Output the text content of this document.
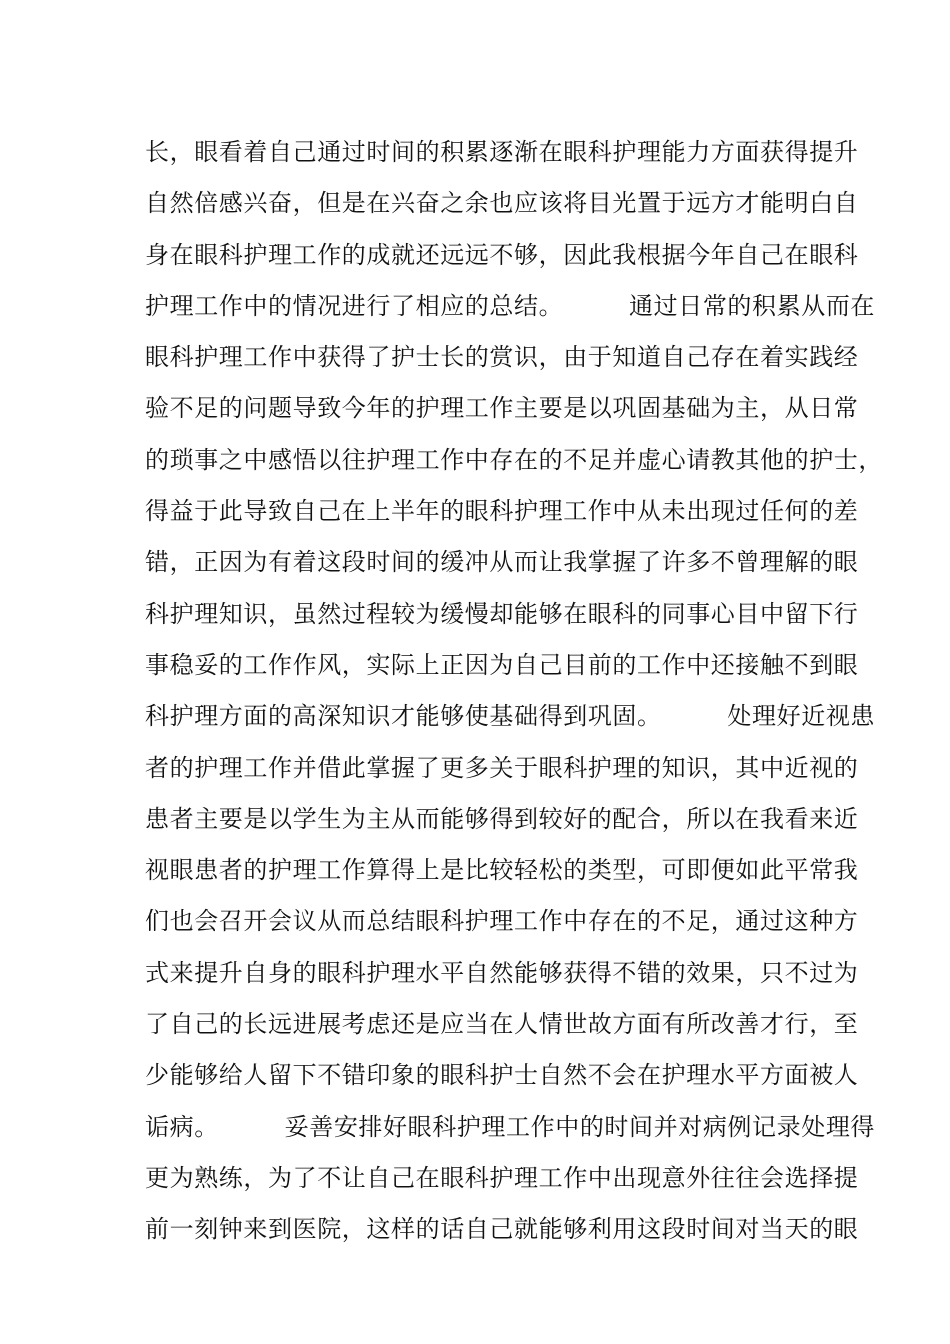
长，眼看着自己通过时间的积累逐渐在眼科护理能力方面获得提升
自然倍感兴奋，但是在兴奋之余也应该将目光置于远方才能明白自
身在眼科护理工作的成就还远远不够，因此我根据今年自己在眼科
护理工作中的情况进行了相应的总结。        通过日常的积累从而在
眼科护理工作中获得了护士长的赏识，由于知道自己存在着实践经
验不足的问题导致今年的护理工作主要是以巩固基础为主，从日常
的琐事之中感悟以往护理工作中存在的不足并虚心请教其他的护士，
得益于此导致自己在上半年的眼科护理工作中从未出现过任何的差
错，正因为有着这段时间的缓冲从而让我掌握了许多不曾理解的眼
科护理知识，虽然过程较为缓慢却能够在眼科的同事心目中留下行
事稳妥的工作作风，实际上正因为自己目前的工作中还接触不到眼
科护理方面的高深知识才能够使基础得到巩固。        处理好近视患
者的护理工作并借此掌握了更多关于眼科护理的知识，其中近视的
患者主要是以学生为主从而能够得到较好的配合，所以在我看来近
视眼患者的护理工作算得上是比较轻松的类型，可即便如此平常我
们也会召开会议从而总结眼科护理工作中存在的不足，通过这种方
式来提升自身的眼科护理水平自然能够获得不错的效果，只不过为
了自己的长远进展考虑还是应当在人情世故方面有所改善才行，至
少能够给人留下不错印象的眼科护士自然不会在护理水平方面被人
诟病。        妥善安排好眼科护理工作中的时间并对病例记录处理得
更为熟练，为了不让自己在眼科护理工作中出现意外往往会选择提
前一刻钟来到医院，这样的话自己就能够利用这段时间对当天的眼
